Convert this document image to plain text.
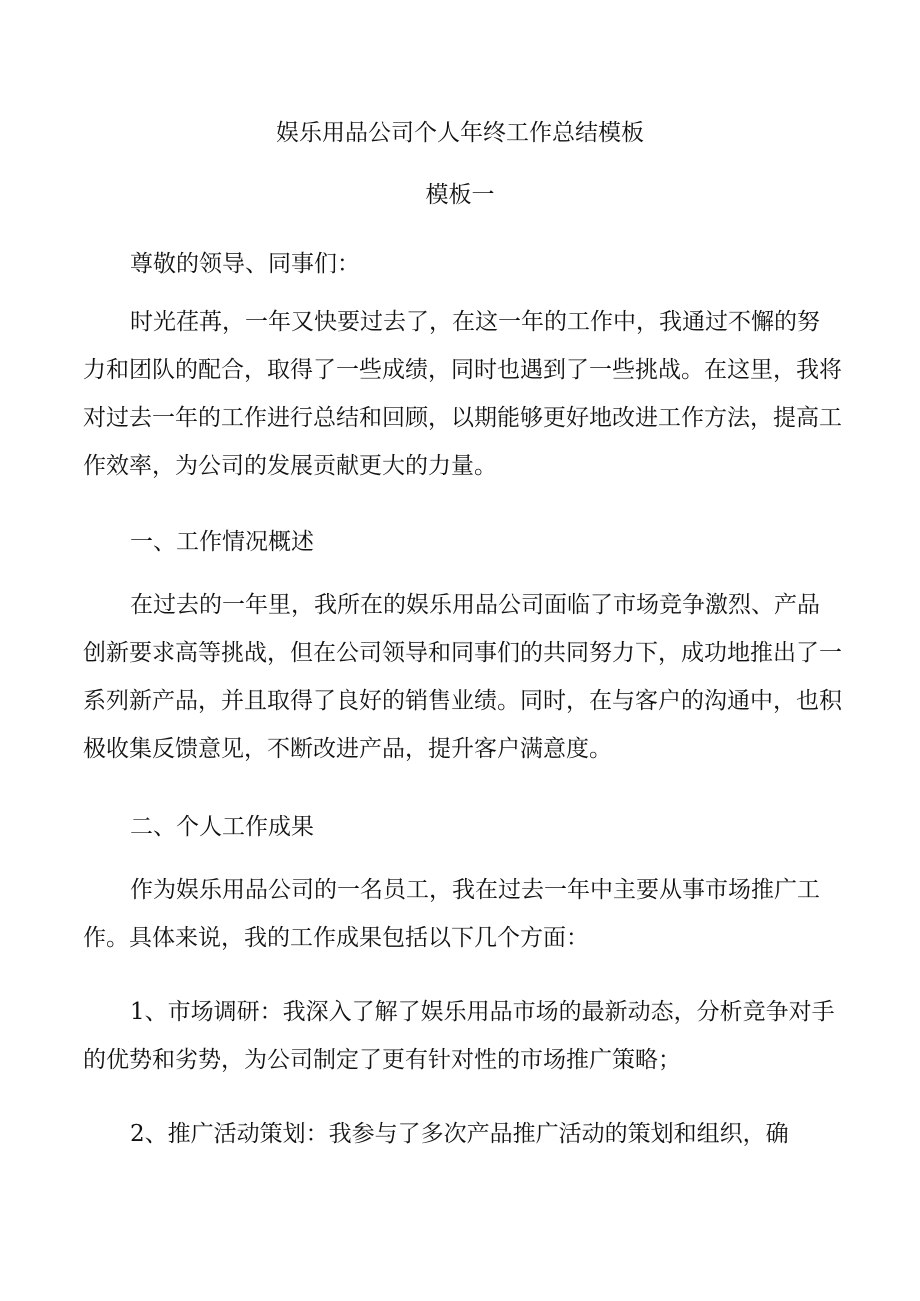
娱乐用品公司个人年终工作总结模板
模板一

尊敬的领导、同事们：

时光荏苒，一年又快要过去了，在这一年的工作中，我通过不懈的努
力和团队的配合，取得了一些成绩，同时也遇到了一些挑战。在这里，我将
对过去一年的工作进行总结和回顾，以期能够更好地改进工作方法，提高工
作效率，为公司的发展贡献更大的力量。

一、工作情况概述

在过去的一年里，我所在的娱乐用品公司面临了市场竞争激烈、产品
创新要求高等挑战，但在公司领导和同事们的共同努力下，成功地推出了一
系列新产品，并且取得了良好的销售业绩。同时，在与客户的沟通中，也积
极收集反馈意见，不断改进产品，提升客户满意度。

二、个人工作成果

作为娱乐用品公司的一名员工，我在过去一年中主要从事市场推广工
作。具体来说，我的工作成果包括以下几个方面：
1、市场调研：我深入了解了娱乐用品市场的最新动态，分析竞争对手
的优势和劣势，为公司制定了更有针对性的市场推广策略；
2、推广活动策划：我参与了多次产品推广活动的策划和组织，确
